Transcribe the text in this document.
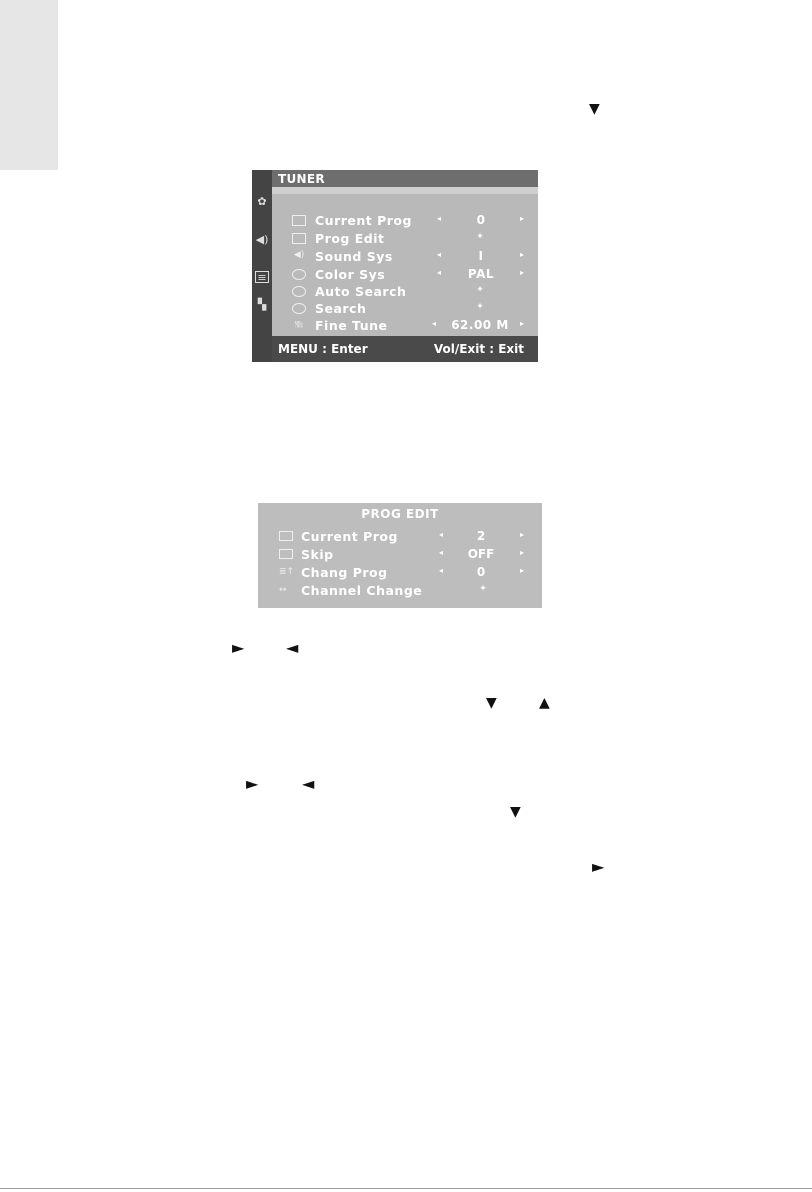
▼
►	◄
▼	▲
►	◄
▼
►
✿
◀)
≡
▚
TUNER
Current Prog	◂	0	▸
Prog Edit	✦
◀) Sound Sys	◂	I	▸
Color Sys	◂	PAL	▸
Auto Search	✦
Search	✦
㎒ Fine Tune	◂	62.00 M	▸
MENU : Enter	Vol/Exit : Exit
PROG EDIT
Current Prog	◂	2	▸
Skip	◂	OFF	▸
≣↑ Chang Prog	◂	0	▸
↔	Channel Change	✦
